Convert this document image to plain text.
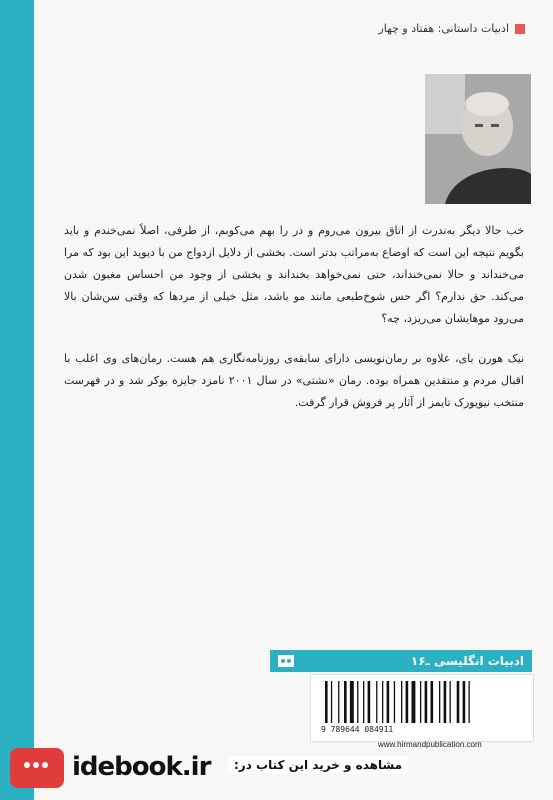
ادبیات داستانی: هفتاد و چهار

خب حالا دیگر به‌ندرت از اتاق بیرون می‌روم و در را بهم می‌کوبم، از طرفی، اصلاً نمی‌خندم و باید بگویم نتیجه این است که اوضاع به‌مراتب بدتر است. بخشی از دلایل ازدواج من با دیوید این بود که مرا می‌خنداند و حالا نمی‌خنداند، حتی نمی‌خواهد بخنداند و بخشی از وجود من احساس مغبون شدن می‌کند. حق ندارم؟ اگر حس شوخ‌طبعی مانند مو باشد، مثل خیلی از مردها که وقتی سن‌شان بالا می‌رود موهایشان می‌ریزد، چه؟

نیک هورن بای، علاوه بر رمان‌نویسی دارای سابقه‌ی روزنامه‌نگاری هم هست. رمان‌های وی اغلب با اقبال مردم و منتقدین همراه بوده. رمان «نشتی» در سال ۲۰۰۱ نامزد جایزه بوکر شد و در فهرست منتخب نیویورک تایمز از آثار پر فروش قرار گرفت.

ادبیات انگلیسی ـ۱۶
9 789644 084911
www.hirmandpublication.com
idebook.ir	مشاهده و خرید این کتاب در:
